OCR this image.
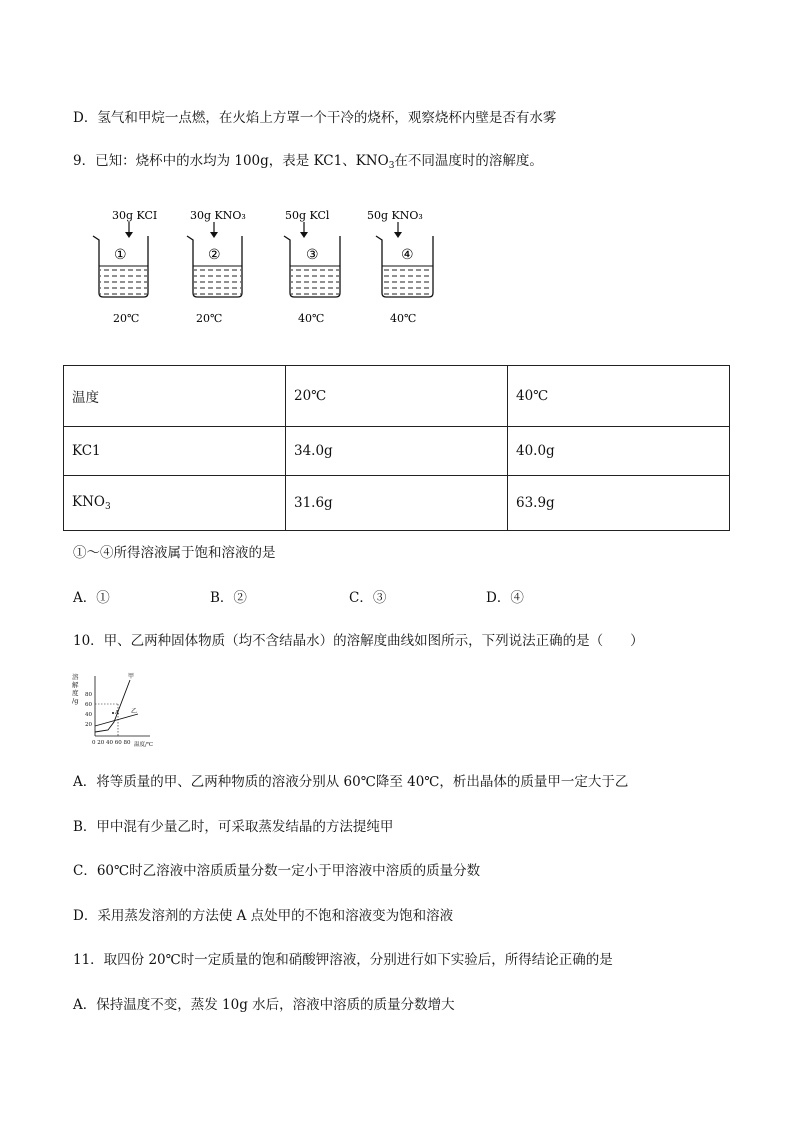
D．氢气和甲烷一点燃，在火焰上方罩一个干冷的烧杯，观察烧杯内壁是否有水雾
9．已知：烧杯中的水均为 100g，表是 KC1、$KNO_3$在不同温度时的溶解度。
30g KCI
①
20℃
30g KNO₃
②
20℃
50g KCl
③
40℃
50g KNO₃
④
40℃
温度	20℃	40℃
KC1	34.0g	40.0g
$KNO_3$	31.6g	63.9g
①～④所得溶液属于饱和溶液的是
A．①	B．②	C．③	D．④
10．甲、乙两种固体物质（均不含结晶水）的溶解度曲线如图所示，下列说法正确的是（　　）
溶
解
度
/g
80
60
40
20
0 20 40 60 80 温度/℃
A
甲
乙
A．将等质量的甲、乙两种物质的溶液分别从 60℃降至 40℃，析出晶体的质量甲一定大于乙
B．甲中混有少量乙时，可采取蒸发结晶的方法提纯甲
C．60℃时乙溶液中溶质质量分数一定小于甲溶液中溶质的质量分数
D．采用蒸发溶剂的方法使 A 点处甲的不饱和溶液变为饱和溶液
11．取四份 20℃时一定质量的饱和硝酸钾溶液，分别进行如下实验后，所得结论正确的是
A．保持温度不变，蒸发 10g 水后，溶液中溶质的质量分数增大
